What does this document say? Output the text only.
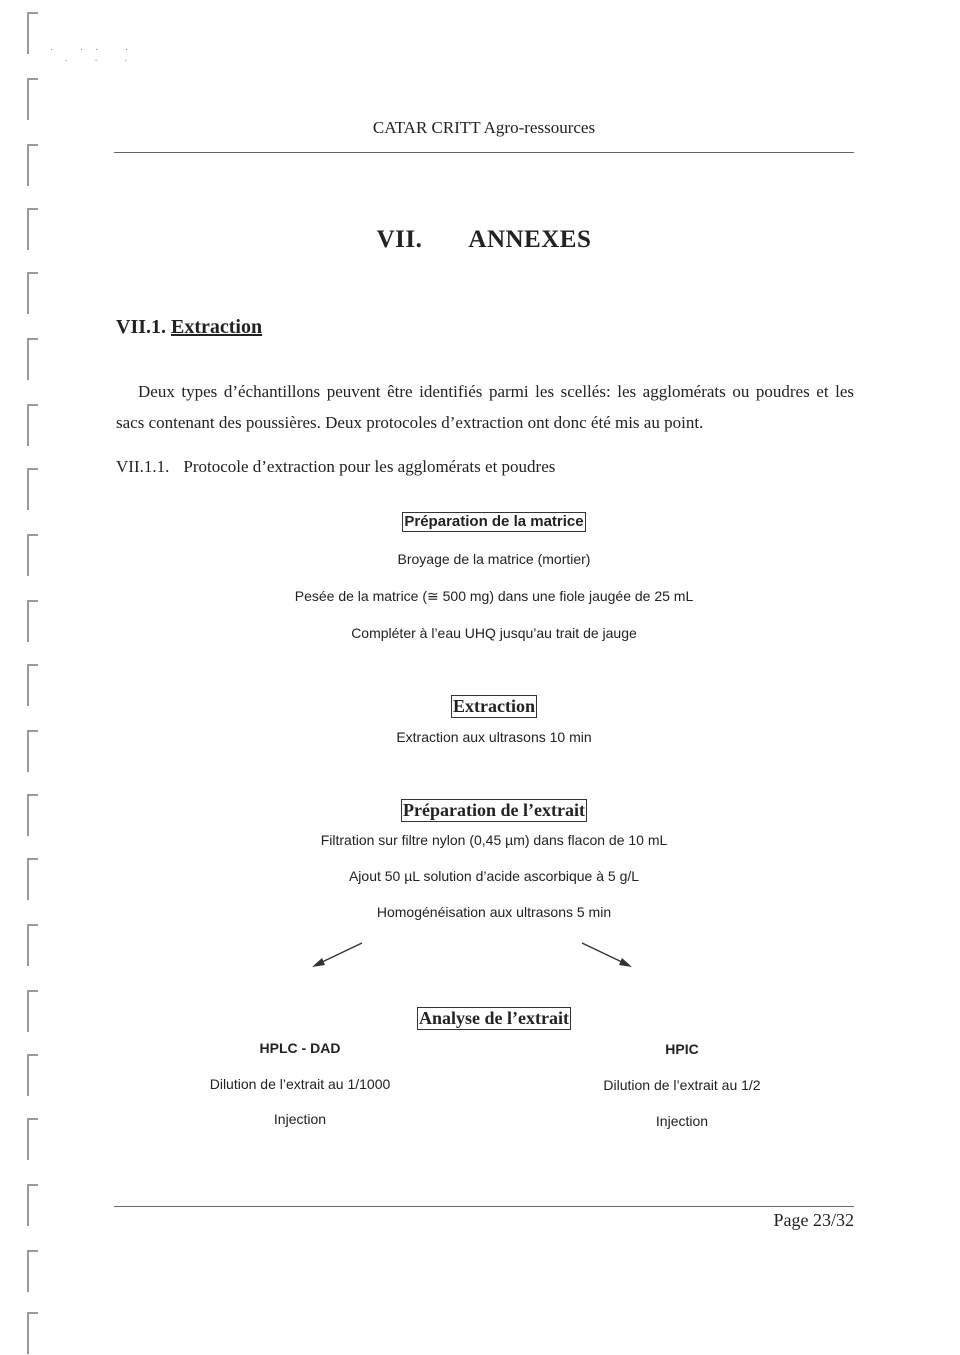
· ·· ·
· · ·
CATAR CRITT Agro-ressources
VII. ANNEXES
VII.1. Extraction
Deux types d’échantillons peuvent être identifiés parmi les scellés: les agglomérats ou poudres et les sacs contenant des poussières. Deux protocoles d’extraction ont donc été mis au point.
VII.1.1. Protocole d’extraction pour les agglomérats et poudres
Préparation de la matrice
Broyage de la matrice (mortier)
Pesée de la matrice (≅ 500 mg) dans une fiole jaugée de 25 mL
Compléter à l’eau UHQ jusqu’au trait de jauge
Extraction
Extraction aux ultrasons 10 min
Préparation de l’extrait
Filtration sur filtre nylon (0,45 µm) dans flacon de 10 mL
Ajout 50 µL solution d’acide ascorbique à 5 g/L
Homogénéisation aux ultrasons 5 min
Analyse de l’extrait
HPLC - DAD
Dilution de l’extrait au 1/1000
Injection
HPIC
Dilution de l’extrait au 1/2
Injection
Page 23/32
